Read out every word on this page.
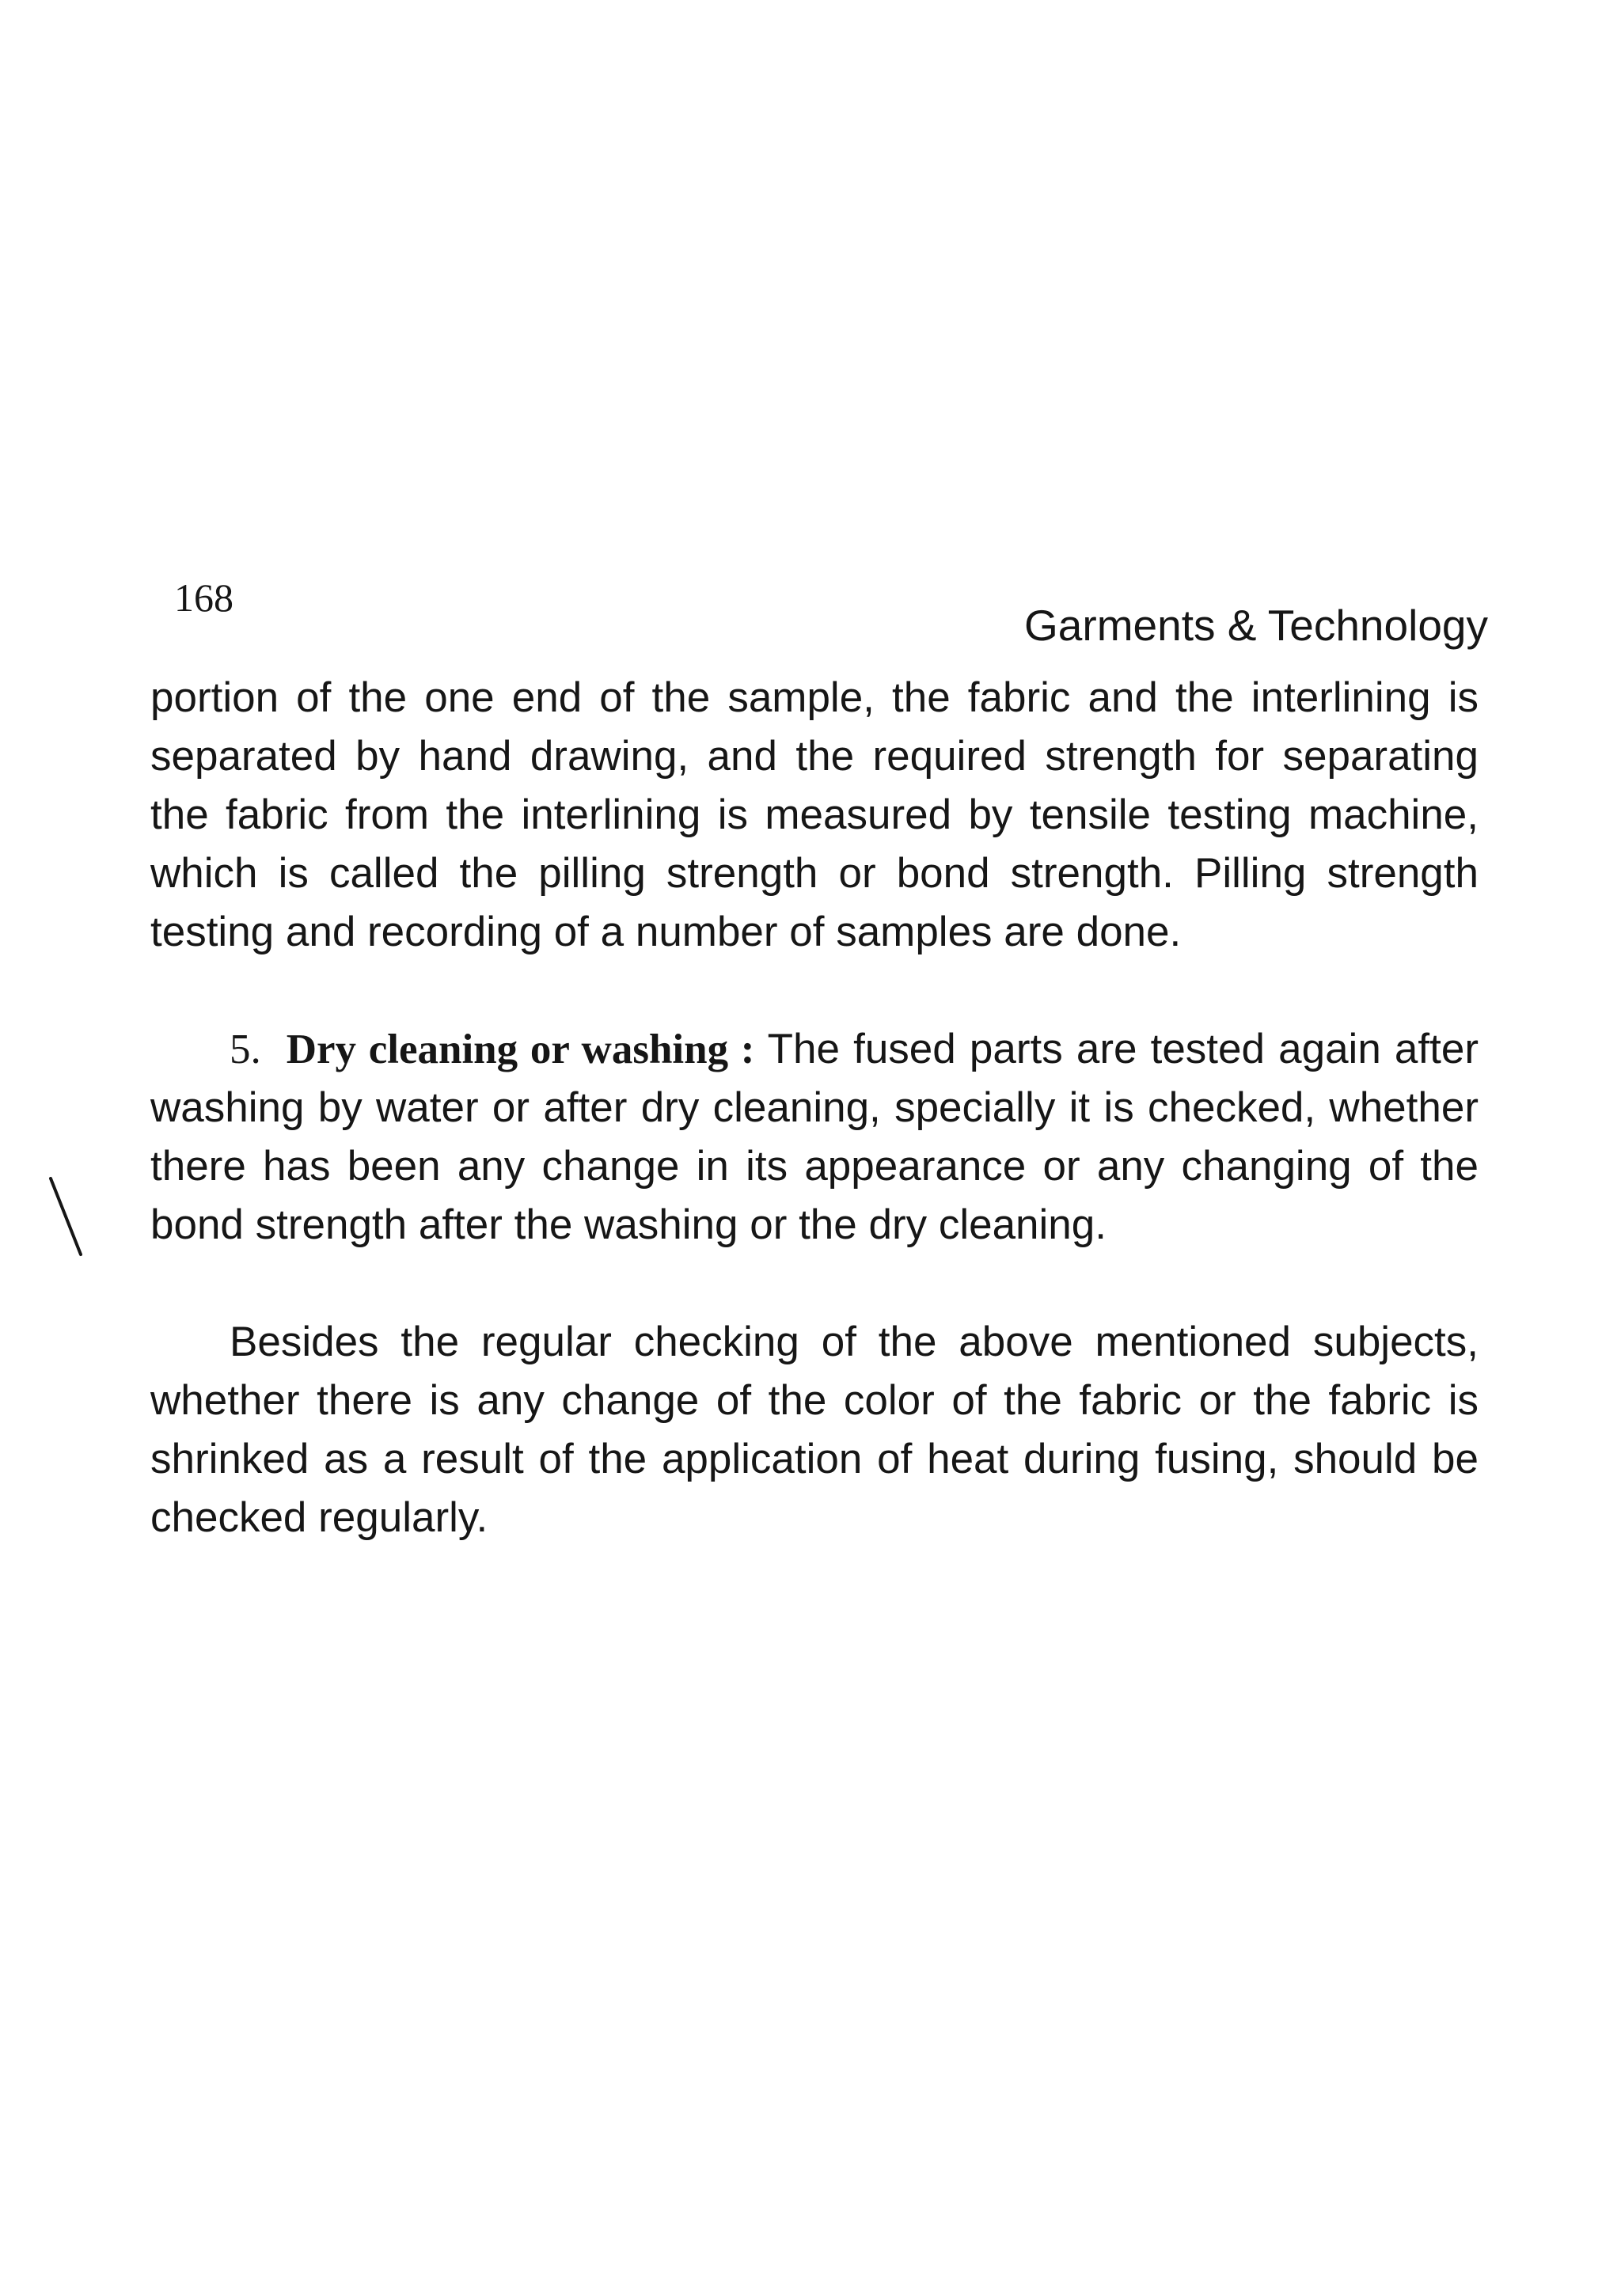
168
Garments & Technology

portion of the one end of the sample, the fabric and the interlining is separated by hand drawing, and the required strength for separating the fabric from the interlining is measured by tensile testing machine, which is called the pilling strength or bond strength. Pilling strength testing and recording of a number of samples are done.

5. Dry cleaning or washing : The fused parts are tested again after washing by water or after dry cleaning, specially it is checked, whether there has been any change in its appearance or any changing of the bond strength after the washing or the dry cleaning.

Besides the regular checking of the above mentioned subjects, whether there is any change of the color of the fabric or the fabric is shrinked as a result of the application of heat during fusing, should be checked regularly.
